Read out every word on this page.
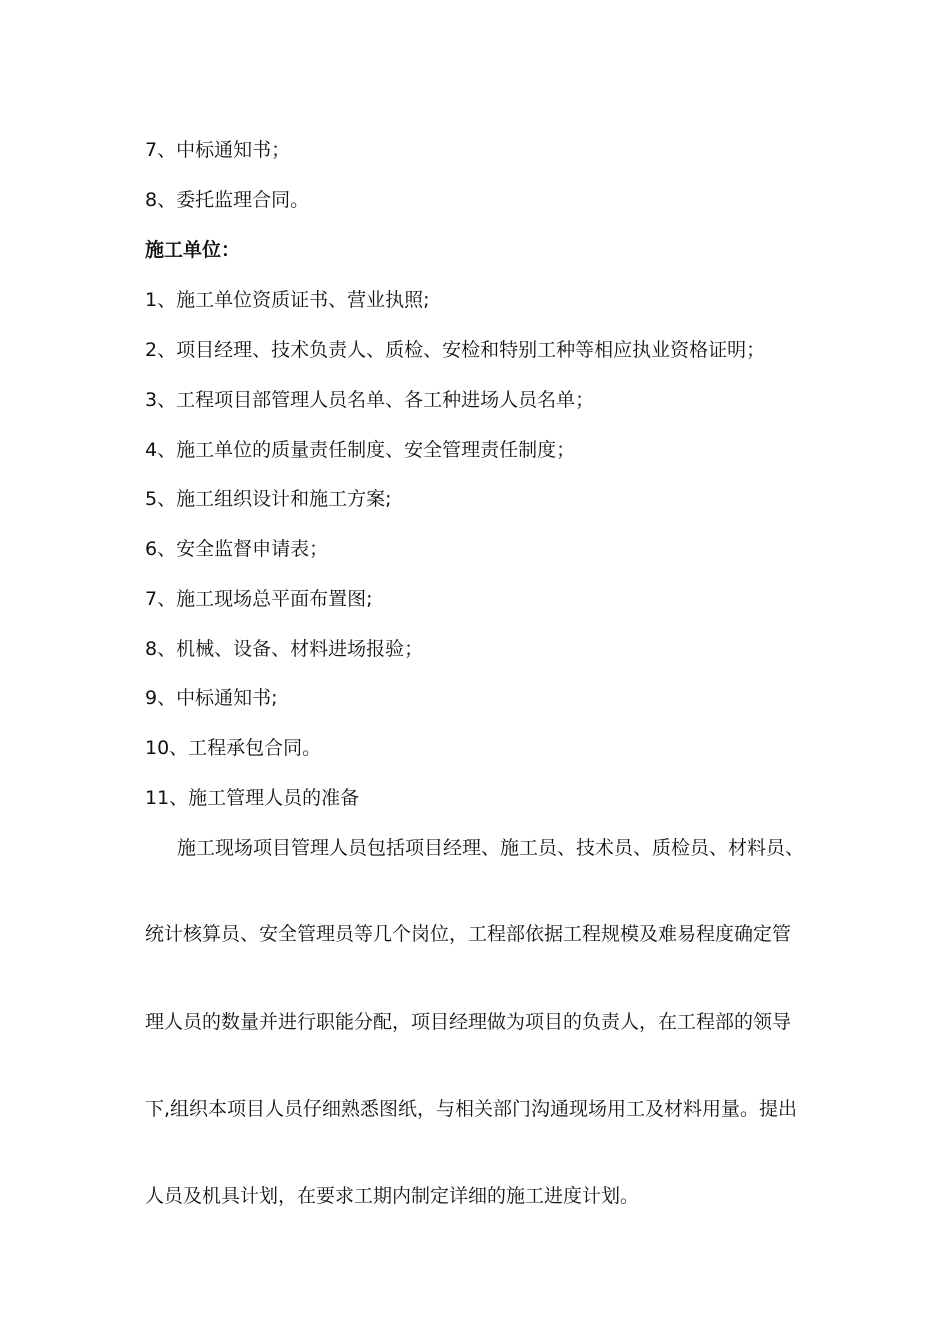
7、中标通知书；
8、委托监理合同。
施工单位：
1、施工单位资质证书、营业执照;
2、项目经理、技术负责人、质检、安检和特别工种等相应执业资格证明；
3、工程项目部管理人员名单、各工种进场人员名单；
4、施工单位的质量责任制度、安全管理责任制度；
5、施工组织设计和施工方案;
6、安全监督申请表；
7、施工现场总平面布置图;
8、机械、设备、材料进场报验；
9、中标通知书;
10、工程承包合同。
11、施工管理人员的准备
施工现场项目管理人员包括项目经理、施工员、技术员、质检员、材料员、
统计核算员、安全管理员等几个岗位，工程部依据工程规模及难易程度确定管
理人员的数量并进行职能分配，项目经理做为项目的负责人，在工程部的领导
下,组织本项目人员仔细熟悉图纸，与相关部门沟通现场用工及材料用量。提出
人员及机具计划，在要求工期内制定详细的施工进度计划。
